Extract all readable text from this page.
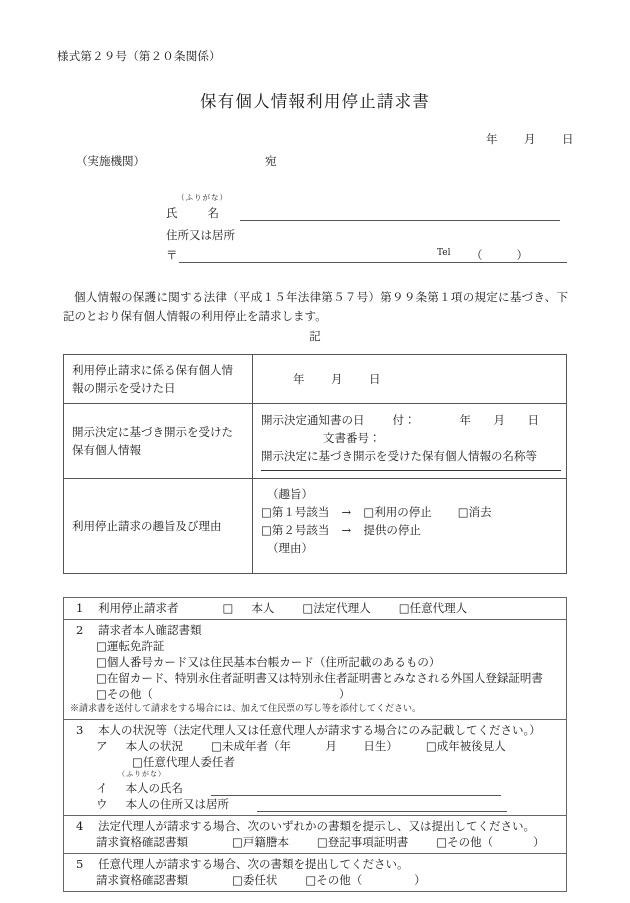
様式第２９号（第２０条関係）
保有個人情報利用停止請求書
年 月 日
（実施機関）	宛
（ふりがな）
氏	名
住所又は居所
〒	Tel （	）
個人情報の保護に関する法律（平成１５年法律第５７号）第９９条第１項の規定に基づき、下記のとおり保有個人情報の利用停止を請求します。
記
利用停止請求に係る保有個人情報の開示を受けた日	年 月 日
開示決定に基づき開示を受けた保有個人情報	開示決定通知書の日 付： 年 月 日
文書番号：
開示決定に基づき開示を受けた保有個人情報の名称等

利用停止請求の趣旨及び理由	（趣旨）
□第１号該当 → □利用の停止 □消去
□第２号該当 → 提供の停止
（理由）
1 利用停止請求者	□ 本人 □法定代理人 □任意代理人

2 請求者本人確認書類
□運転免許証
□個人番号カード又は住民基本台帳カード（住所記載のあるもの）
□在留カード、特別永住者証明書又は特別永住者証明書とみなされる外国人登録証明書
□その他（	）
※請求書を送付して請求をする場合には、加えて住民票の写し等を添付してください。

3 本人の状況等（法定代理人又は任意代理人が請求する場合にのみ記載してください。）
ア 本人の状況 □未成年者（年	月 日生） □成年被後見人
□任意代理人委任者
（ふりがな）
イ 本人の氏名
ウ 本人の住所又は居所

4 法定代理人が請求する場合、次のいずれかの書類を提示し、又は提出してください。
請求資格確認書類	□戸籍謄本 □登記事項証明書 □その他（	）

5 任意代理人が請求する場合、次の書類を提出してください。
請求資格確認書類	□委任状 □その他（	）
